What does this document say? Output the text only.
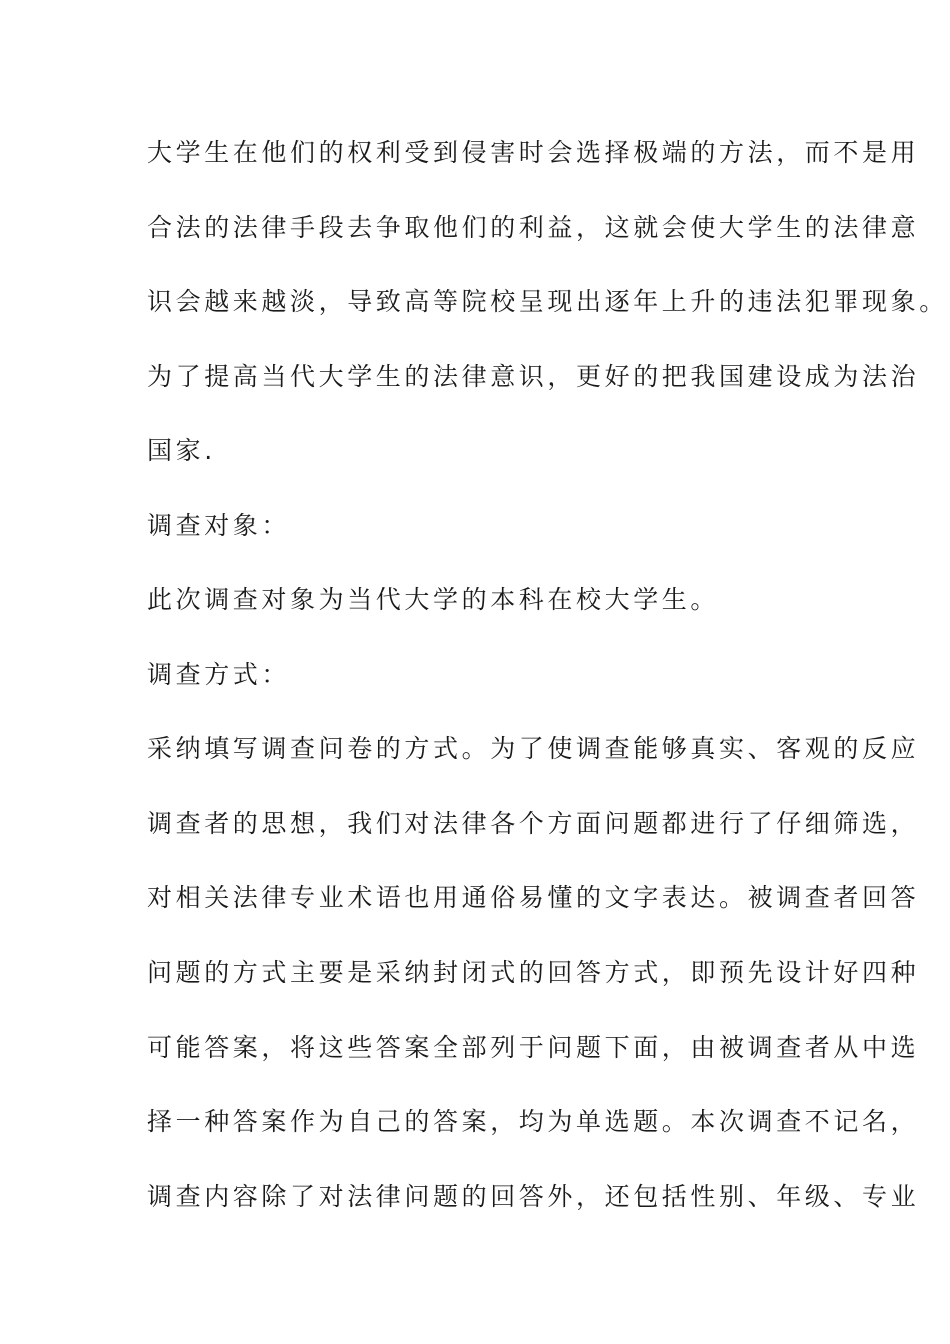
大学生在他们的权利受到侵害时会选择极端的方法，而不是用
合法的法律手段去争取他们的利益，这就会使大学生的法律意
识会越来越淡，导致高等院校呈现出逐年上升的违法犯罪现象。
为了提高当代大学生的法律意识，更好的把我国建设成为法治
国家.
调查对象：
此次调查对象为当代大学的本科在校大学生。
调查方式：
采纳填写调查问卷的方式。为了使调查能够真实、客观的反应
调查者的思想，我们对法律各个方面问题都进行了仔细筛选，
对相关法律专业术语也用通俗易懂的文字表达。被调查者回答
问题的方式主要是采纳封闭式的回答方式，即预先设计好四种
可能答案，将这些答案全部列于问题下面，由被调查者从中选
择一种答案作为自己的答案，均为单选题。本次调查不记名，
调查内容除了对法律问题的回答外，还包括性别、年级、专业
